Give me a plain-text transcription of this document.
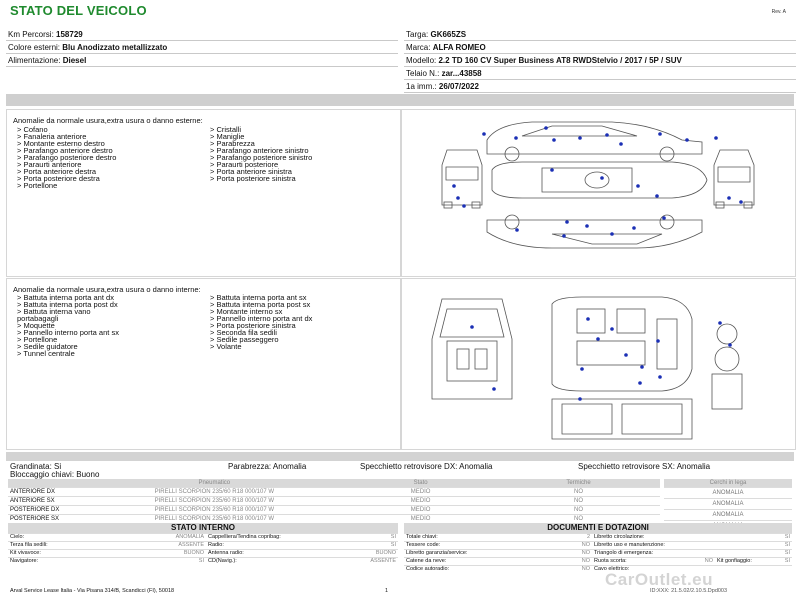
STATO DEL VEICOLO	Rev. A
Km Percorsi: 158729
Colore esterni: Blu Anodizzato metallizzato
Alimentazione: Diesel
Targa: GK665ZS
Marca: ALFA ROMEO
Modello: 2.2 TD 160 CV Super Business AT8 RWDStelvio / 2017 / 5P / SUV
Telaio N.: zar...43858
1a imm.: 26/07/2022
Anomalie da normale usura,extra usura o danno esterne:
> Cofano
> Fanaleria anteriore
> Montante esterno destro
> Parafango anteriore destro
> Parafango posteriore destro
> Paraurti anteriore
> Porta anteriore destra
> Porta posteriore destra
> Portellone
> Cristalli
> Maniglie
> Parabrezza
> Parafango anteriore sinistro
> Parafango posteriore sinistro
> Paraurti posteriore
> Porta anteriore sinistra
> Porta posteriore sinistra
Anomalie da normale usura,extra usura o danno interne:
> Battuta interna porta ant dx
> Battuta interna porta post dx
> Battuta interna vano
portabagagli
> Moquette
> Pannello interno porta ant sx
> Portellone
> Sedile guidatore
> Tunnel centrale
> Battuta interna porta ant sx
> Battuta interna porta post sx
> Montante interno sx
> Pannello interno porta ant dx
> Porta posteriore sinistra
> Seconda fila sedili
> Sedile passeggero
> Volante
Grandinata: Si
Bloccaggio chiavi: Buono
Parabrezza: Anomalia	Specchietto retrovisore DX: Anomalia	Specchietto retrovisore SX: Anomalia
	Pneumatico	Stato	Termiche
ANTERIORE DX	PIRELLI SCORPION 235/60 R18 000/107 W	MEDIO	NO
ANTERIORE SX	PIRELLI SCORPION 235/60 R18 000/107 W	MEDIO	NO
POSTERIORE DX	PIRELLI SCORPION 235/60 R18 000/107 W	MEDIO	NO
POSTERIORE SX	PIRELLI SCORPION 235/60 R18 000/107 W	MEDIO	NO
Cerchi in lega
ANOMALIA
ANOMALIA
ANOMALIA

STATO INTERNO
Cielo:	ANOMALIA	Cappelliera/Tendina copribag:	SI
Terza fila sedili:	ASSENTE	Radio:	SI
Kit vivavoce:	BUONO	Antenna radio:	BUONO
Navigatore:	SI	CD(Navig.):	ASSENTE
DOCUMENTI E DOTAZIONI
Totale chiavi:	2	Libretto circolazione:	SI		
Tessere code:	NO	Libretto uso e manutenzione:	SI		
Libretto garanzia/service:	NO	Triangolo di emergenza:	SI		
Catene da neve:	NO	Ruota scorta:	NO	Kit gonfiaggio:	SI
Codice autoradio:	NO	Cavo elettrico:			
CarOutlet.eu
Arval Service Lease Italia - Via Pisana 314/B, Scandicci (FI), 50018	1	ID:XXX: 21.5.02/2.10.5.Dpd003
